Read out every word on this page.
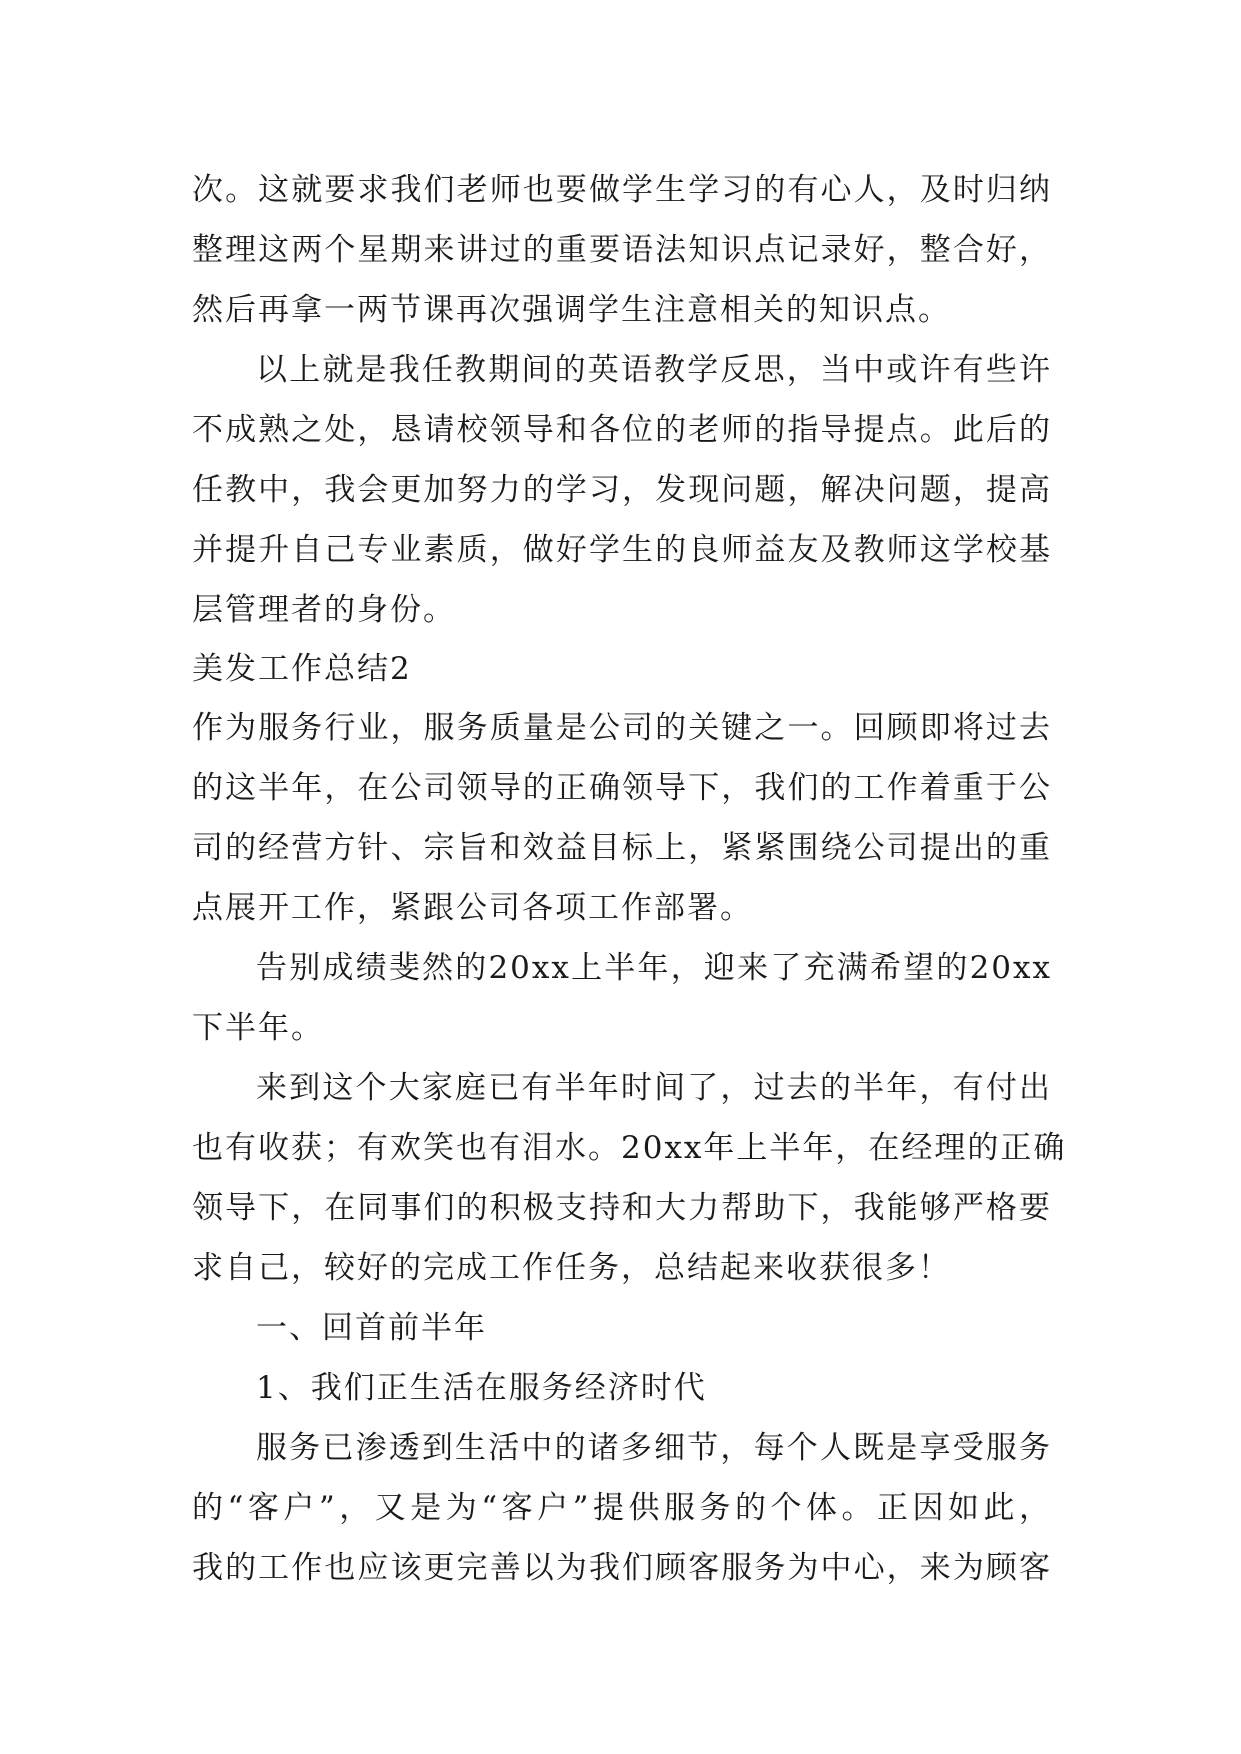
次。这就要求我们老师也要做学生学习的有心人，及时归纳
整理这两个星期来讲过的重要语法知识点记录好，整合好，
然后再拿一两节课再次强调学生注意相关的知识点。
以上就是我任教期间的英语教学反思，当中或许有些许
不成熟之处，恳请校领导和各位的老师的指导提点。此后的
任教中，我会更加努力的学习，发现问题，解决问题，提高
并提升自己专业素质，做好学生的良师益友及教师这学校基
层管理者的身份。
美发工作总结2
作为服务行业，服务质量是公司的关键之一。回顾即将过去
的这半年，在公司领导的正确领导下，我们的工作着重于公
司的经营方针、宗旨和效益目标上，紧紧围绕公司提出的重
点展开工作，紧跟公司各项工作部署。
告别成绩斐然的20xx上半年，迎来了充满希望的20xx
下半年。
来到这个大家庭已有半年时间了，过去的半年，有付出
也有收获；有欢笑也有泪水。20xx年上半年，在经理的正确
领导下，在同事们的积极支持和大力帮助下，我能够严格要
求自己，较好的完成工作任务，总结起来收获很多！
一、回首前半年
1、我们正生活在服务经济时代
服务已渗透到生活中的诸多细节，每个人既是享受服务
的“客户”，又是为“客户”提供服务的个体。正因如此，
我的工作也应该更完善以为我们顾客服务为中心，来为顾客
